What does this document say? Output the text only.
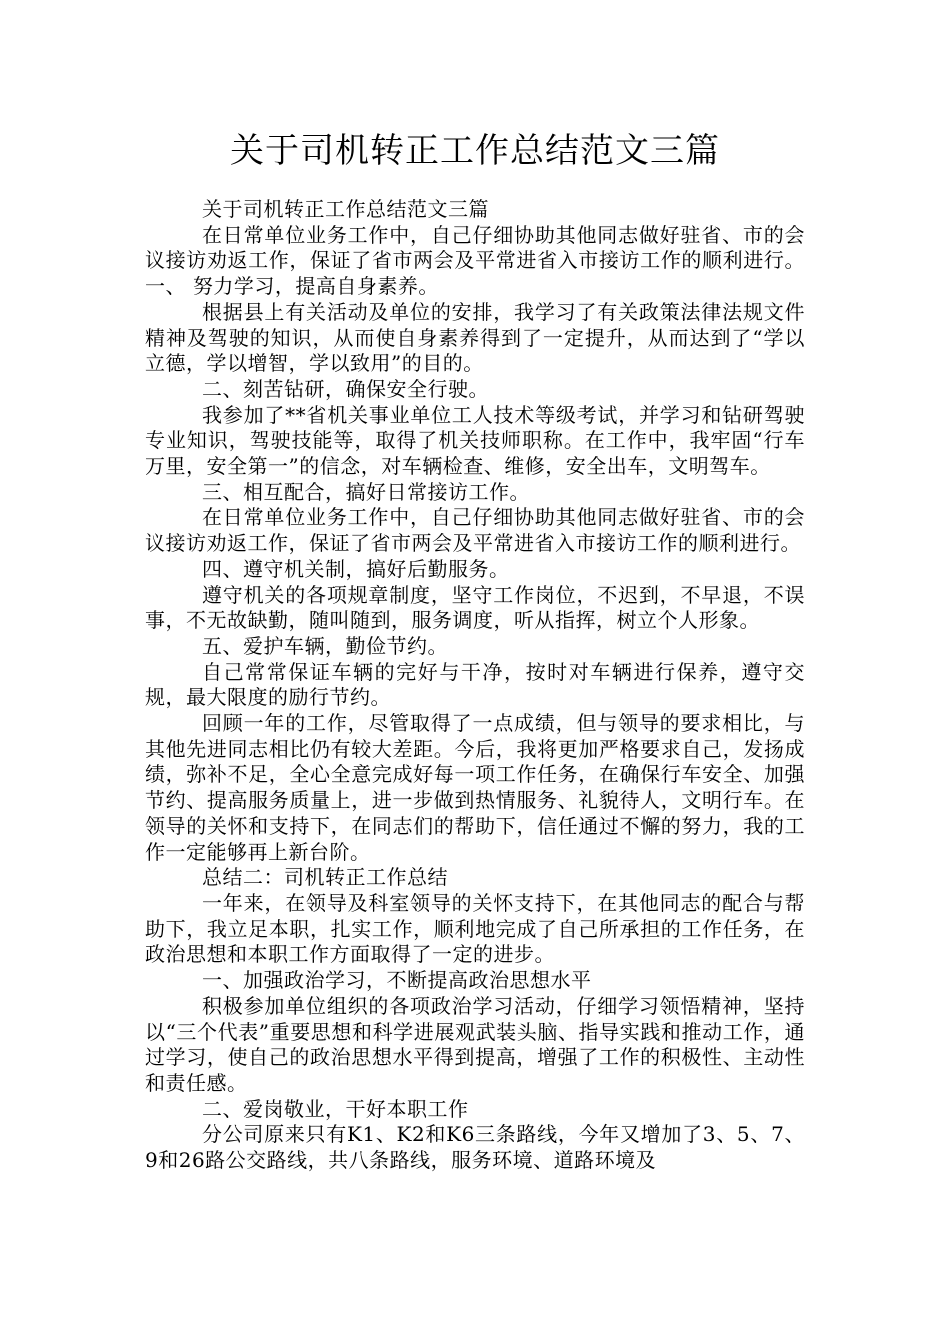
关于司机转正工作总结范文三篇

关于司机转正工作总结范文三篇

在日常单位业务工作中，自己仔细协助其他同志做好驻省、市的会议接访劝返工作，保证了省市两会及平常进省入市接访工作的顺利进行。一、 努力学习，提高自身素养。

根据县上有关活动及单位的安排，我学习了有关政策法律法规文件精神及驾驶的知识，从而使自身素养得到了一定提升，从而达到了“学以立德，学以增智，学以致用”的目的。

二、刻苦钻研，确保安全行驶。

我参加了**省机关事业单位工人技术等级考试，并学习和钻研驾驶专业知识，驾驶技能等，取得了机关技师职称。在工作中，我牢固“行车万里，安全第一”的信念，对车辆检查、维修，安全出车，文明驾车。

三、相互配合，搞好日常接访工作。

在日常单位业务工作中，自己仔细协助其他同志做好驻省、市的会议接访劝返工作，保证了省市两会及平常进省入市接访工作的顺利进行。

四、遵守机关制，搞好后勤服务。

遵守机关的各项规章制度，坚守工作岗位，不迟到，不早退，不误事，不无故缺勤，随叫随到，服务调度，听从指挥，树立个人形象。

五、爱护车辆，勤俭节约。

自己常常保证车辆的完好与干净，按时对车辆进行保养，遵守交规，最大限度的励行节约。

回顾一年的工作，尽管取得了一点成绩，但与领导的要求相比，与其他先进同志相比仍有较大差距。今后，我将更加严格要求自己，发扬成绩，弥补不足，全心全意完成好每一项工作任务，在确保行车安全、加强节约、提高服务质量上，进一步做到热情服务、礼貌待人，文明行车。在领导的关怀和支持下，在同志们的帮助下，信任通过不懈的努力，我的工作一定能够再上新台阶。

总结二：司机转正工作总结

一年来，在领导及科室领导的关怀支持下，在其他同志的配合与帮助下，我立足本职，扎实工作，顺利地完成了自己所承担的工作任务，在政治思想和本职工作方面取得了一定的进步。

一、加强政治学习，不断提高政治思想水平

积极参加单位组织的各项政治学习活动，仔细学习领悟精神，坚持以“三个代表”重要思想和科学进展观武装头脑、指导实践和推动工作，通过学习，使自己的政治思想水平得到提高，增强了工作的积极性、主动性和责任感。

二、爱岗敬业，干好本职工作

分公司原来只有K1、K2和K6三条路线，今年又增加了3、5、7、9和26路公交路线，共八条路线，服务环境、道路环境及
